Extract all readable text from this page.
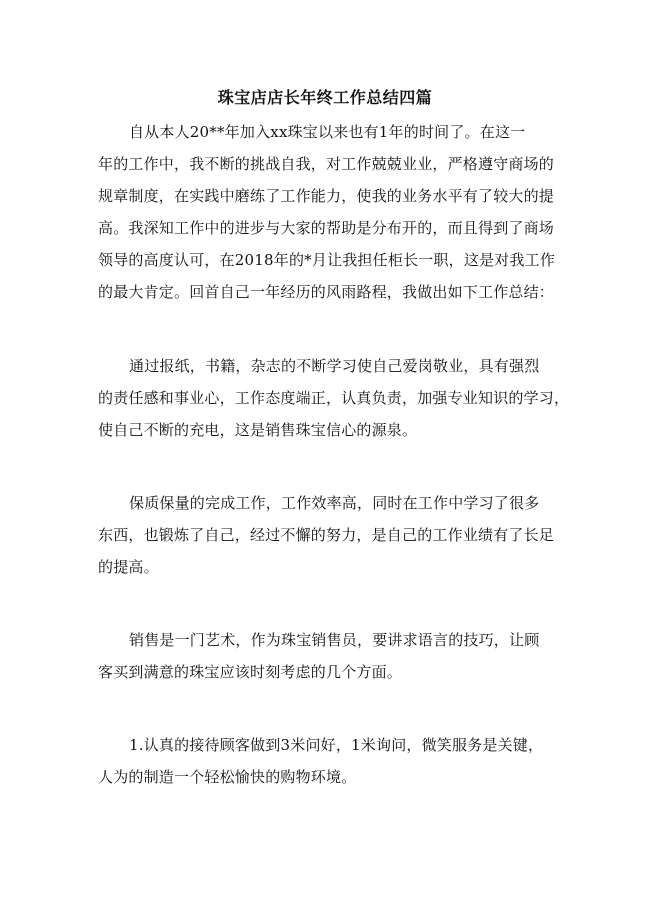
珠宝店店长年终工作总结四篇
自从本人20**年加入xx珠宝以来也有1年的时间了。在这一
年的工作中，我不断的挑战自我，对工作兢兢业业，严格遵守商场的
规章制度，在实践中磨练了工作能力，使我的业务水平有了较大的提
高。我深知工作中的进步与大家的帮助是分布开的，而且得到了商场
领导的高度认可，在2018年的*月让我担任柜长一职，这是对我工作
的最大肯定。回首自己一年经历的风雨路程，我做出如下工作总结：
通过报纸，书籍，杂志的不断学习使自己爱岗敬业，具有强烈
的责任感和事业心，工作态度端正，认真负责，加强专业知识的学习，
使自己不断的充电，这是销售珠宝信心的源泉。
保质保量的完成工作，工作效率高，同时在工作中学习了很多
东西，也锻炼了自己，经过不懈的努力，是自己的工作业绩有了长足
的提高。
销售是一门艺术，作为珠宝销售员，要讲求语言的技巧，让顾
客买到满意的珠宝应该时刻考虑的几个方面。
1.认真的接待顾客做到3米问好，1米询问，微笑服务是关键，
人为的制造一个轻松愉快的购物环境。
